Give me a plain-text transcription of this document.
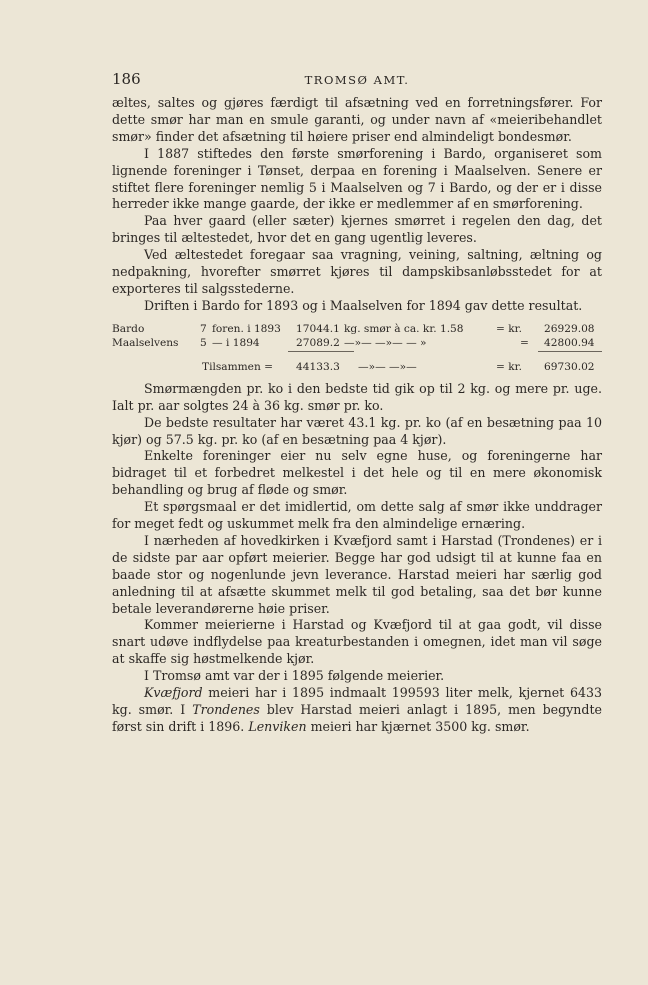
186	TROMSØ AMT.

æltes, saltes og gjøres færdigt til afsætning ved en forretningsfører. For dette smør har man en smule garanti, og under navn af «meieribehandlet smør» finder det afsætning til høiere priser end almindeligt bondesmør.

I 1887 stiftedes den første smørforening i Bardo, organiseret som lignende foreninger i Tønset, derpaa en forening i Maalselven. Senere er stiftet flere foreninger nemlig 5 i Maalselven og 7 i Bardo, og der er i disse herreder ikke mange gaarde, der ikke er medlemmer af en smørforening.

Paa hver gaard (eller sæter) kjernes smørret i regelen den dag, det bringes til æltestedet, hvor det en gang ugentlig leveres.

Ved æltestedet foregaar saa vragning, veining, saltning, æltning og nedpakning, hvorefter smørret kjøres til dampskibsanløbsstedet for at exporteres til salgsstederne.

Driften i Bardo for 1893 og i Maalselven for 1894 gav dette resultat.

Bardo	7 foren. i 1893 17044.1 kg. smør à ca. kr. 1.58	= kr. 26929.08
Maalselvens 5 — i 1894	27089.2 —»— —»— — »	= 42800.94
Tilsammen = 44133.3 —»— —»—	= kr. 69730.02

Smørmængden pr. ko i den bedste tid gik op til 2 kg. og mere pr. uge. Ialt pr. aar solgtes 24 à 36 kg. smør pr. ko.

De bedste resultater har været 43.1 kg. pr. ko (af en besætning paa 10 kjør) og 57.5 kg. pr. ko (af en besætning paa 4 kjør).

Enkelte foreninger eier nu selv egne huse, og foreningerne har bidraget til et forbedret melkestel i det hele og til en mere økonomisk behandling og brug af fløde og smør.

Et spørgsmaal er det imidlertid, om dette salg af smør ikke unddrager for meget fedt og uskummet melk fra den almindelige ernæring.

I nærheden af hovedkirken i Kvæfjord samt i Harstad (Trondenes) er i de sidste par aar opført meierier. Begge har god udsigt til at kunne faa en baade stor og nogenlunde jevn leverance. Harstad meieri har særlig god anledning til at afsætte skummet melk til god betaling, saa det bør kunne betale leverandørerne høie priser.

Kommer meierierne i Harstad og Kvæfjord til at gaa godt, vil disse snart udøve indflydelse paa kreaturbestanden i omegnen, idet man vil søge at skaffe sig høstmelkende kjør.

I Tromsø amt var der i 1895 følgende meierier.

Kvæfjord meieri har i 1895 indmaalt 199593 liter melk, kjernet 6433 kg. smør. I Trondenes blev Harstad meieri anlagt i 1895, men begyndte først sin drift i 1896. Lenviken meieri har kjærnet 3500 kg. smør.
